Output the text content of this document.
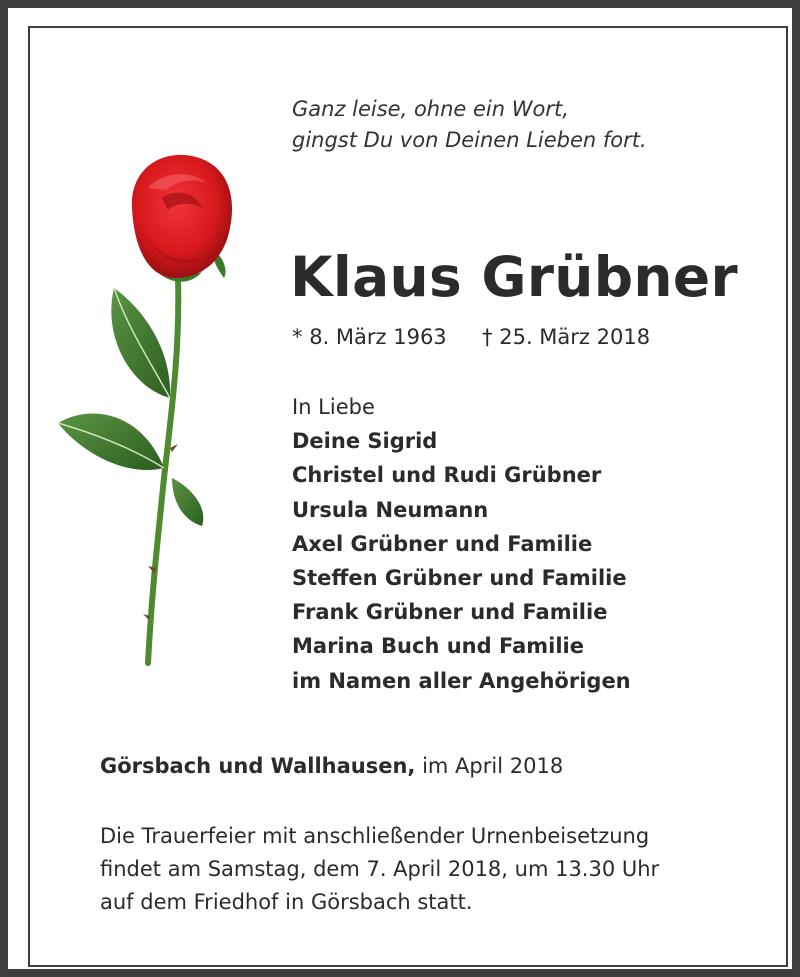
Ganz leise, ohne ein Wort,
gingst Du von Deinen Lieben fort.

Klaus Grübner
* 8. März 1963 † 25. März 2018
In Liebe
Deine Sigrid
Christel und Rudi Grübner
Ursula Neumann
Axel Grübner und Familie
Steffen Grübner und Familie
Frank Grübner und Familie
Marina Buch und Familie
im Namen aller Angehörigen
Görsbach und Wallhausen, im April 2018
Die Trauerfeier mit anschließender Urnenbeisetzung
findet am Samstag, dem 7. April 2018, um 13.30 Uhr
auf dem Friedhof in Görsbach statt.
